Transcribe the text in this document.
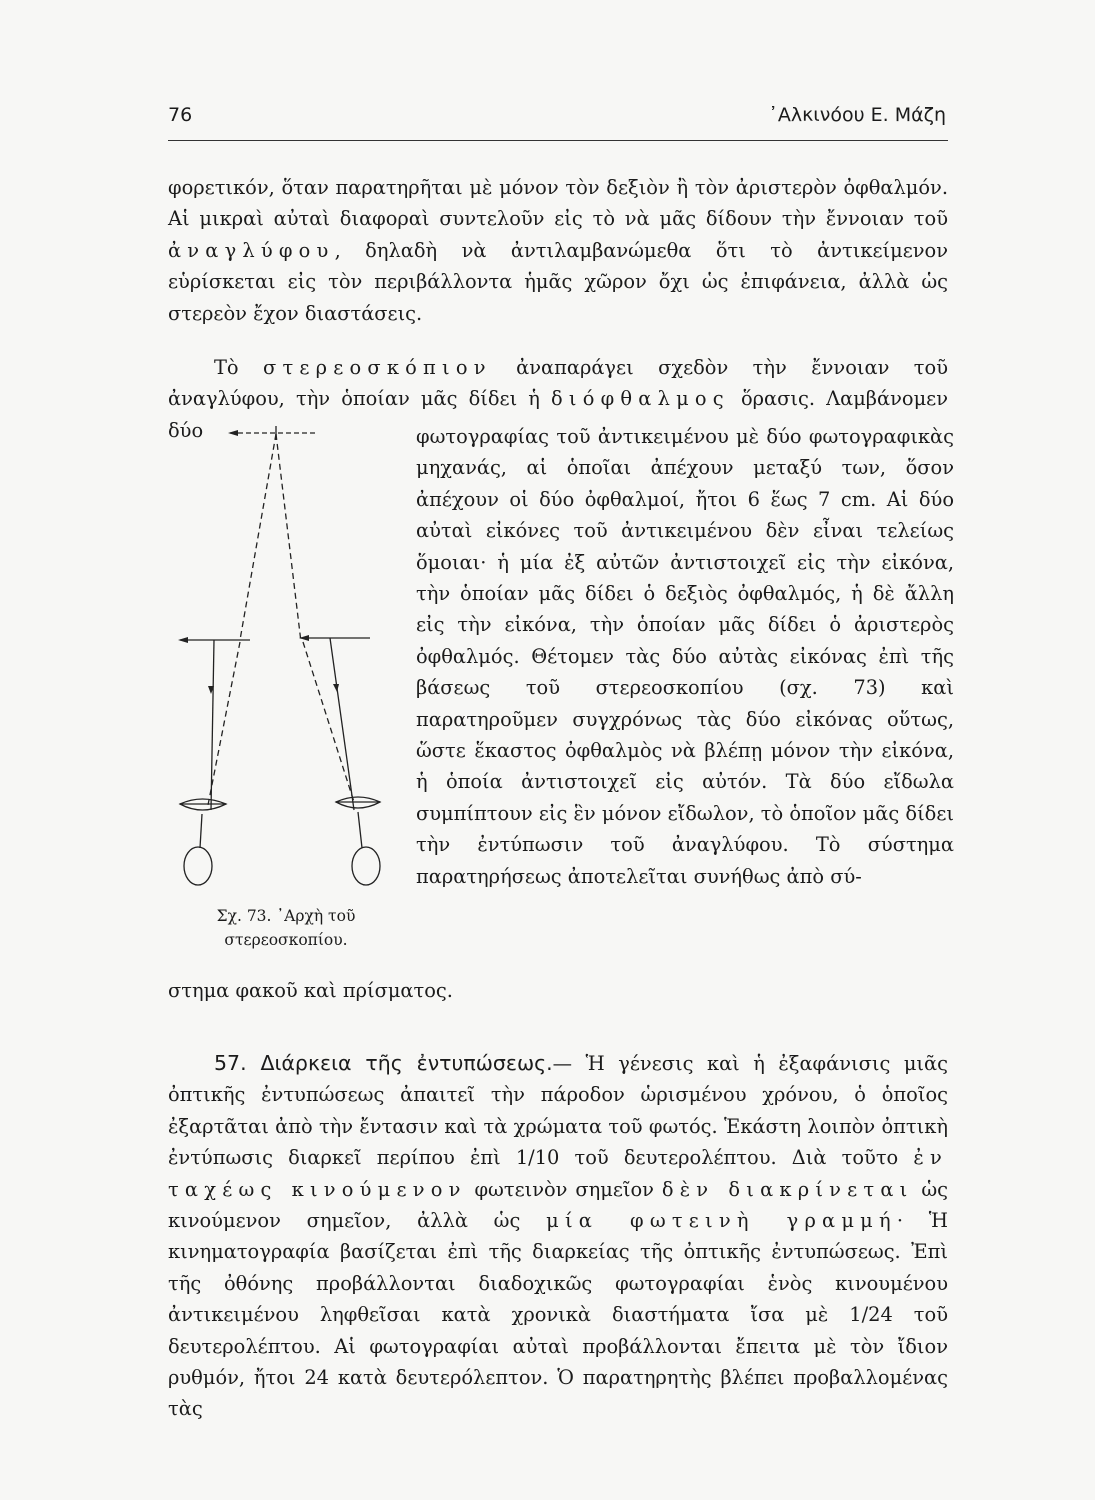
76	᾿Αλκινόου Ε. Μάζη

φορετικόν, ὅταν παρατηρῆται μὲ μόνον τὸν δεξιὸν ἢ τὸν ἀριστερὸν ὀφθαλμόν. Αἱ μικραὶ αὐταὶ διαφοραὶ συντελοῦν εἰς τὸ νὰ μᾶς δίδουν τὴν ἔννοιαν τοῦ ἀναγλύφου, δηλαδὴ νὰ ἀντιλαμβανώμεθα ὅτι τὸ ἀντικείμενον εὑρίσκεται εἰς τὸν περιβάλλοντα ἡμᾶς χῶρον ὄχι ὡς ἐπιφάνεια, ἀλλὰ ὡς στερεὸν ἔχον διαστάσεις.

Τὸ στερεοσκόπιον ἀναπαράγει σχεδὸν τὴν ἔννοιαν τοῦ ἀναγλύφου, τὴν ὁποίαν μᾶς δίδει ἡ διόφθαλμος ὅρασις. Λαμβάνομεν δύο

Σχ. 73. ᾿Αρχὴ τοῦ
στερεοσκοπίου.

φωτογραφίας τοῦ ἀντικειμένου μὲ δύο φωτογραφικὰς μηχανάς, αἱ ὁποῖαι ἀπέχουν μεταξύ των, ὅσον ἀπέχουν οἱ δύο ὀφθαλμοί, ἤτοι 6 ἕως 7 cm. Αἱ δύο αὐταὶ εἰκόνες τοῦ ἀντικειμένου δὲν εἶναι τελείως ὅμοιαι· ἡ μία ἐξ αὐτῶν ἀντιστοιχεῖ εἰς τὴν εἰκόνα, τὴν ὁποίαν μᾶς δίδει ὁ δεξιὸς ὀφθαλμός, ἡ δὲ ἄλλη εἰς τὴν εἰκόνα, τὴν ὁποίαν μᾶς δίδει ὁ ἀριστερὸς ὀφθαλμός. Θέτομεν τὰς δύο αὐτὰς εἰκόνας ἐπὶ τῆς βάσεως τοῦ στερεοσκοπίου (σχ. 73) καὶ παρατηροῦμεν συγχρόνως τὰς δύο εἰκόνας οὕτως, ὥστε ἕκαστος ὀφθαλμὸς νὰ βλέπῃ μόνον τὴν εἰκόνα, ἡ ὁποία ἀντιστοιχεῖ εἰς αὐτόν. Τὰ δύο εἴδωλα συμπίπτουν εἰς ἓν μόνον εἴδωλον, τὸ ὁποῖον μᾶς δίδει τὴν ἐντύπωσιν τοῦ ἀναγλύφου. Τὸ σύστημα παρατηρήσεως ἀποτελεῖται συνήθως ἀπὸ σύ-

στημα φακοῦ καὶ πρίσματος.

57. Διάρκεια τῆς ἐντυπώσεως.— Ἡ γένεσις καὶ ἡ ἐξαφάνισις μιᾶς ὀπτικῆς ἐντυπώσεως ἀπαιτεῖ τὴν πάροδον ὡρισμένου χρόνου, ὁ ὁποῖος ἐξαρτᾶται ἀπὸ τὴν ἔντασιν καὶ τὰ χρώματα τοῦ φωτός. Ἑκάστη λοιπὸν ὀπτικὴ ἐντύπωσις διαρκεῖ περίπου ἐπὶ 1/10 τοῦ δευτερολέπτου. Διὰ τοῦτο ἐν ταχέως κινούμενον φωτεινὸν σημεῖον δὲν διακρίνεται ὡς κινούμενον σημεῖον, ἀλλὰ ὡς μία φωτεινὴ γραμμή· Ἡ κινηματογραφία βασίζεται ἐπὶ τῆς διαρκείας τῆς ὀπτικῆς ἐντυπώσεως. Ἐπὶ τῆς ὀθόνης προβάλλονται διαδοχικῶς φωτογραφίαι ἑνὸς κινουμένου ἀντικειμένου ληφθεῖσαι κατὰ χρονικὰ διαστήματα ἴσα μὲ 1/24 τοῦ δευτερολέπτου. Αἱ φωτογραφίαι αὐταὶ προβάλλονται ἔπειτα μὲ τὸν ἴδιον ρυθμόν, ἤτοι 24 κατὰ δευτερόλεπτον. Ὁ παρατηρητὴς βλέπει προβαλλομένας τὰς
